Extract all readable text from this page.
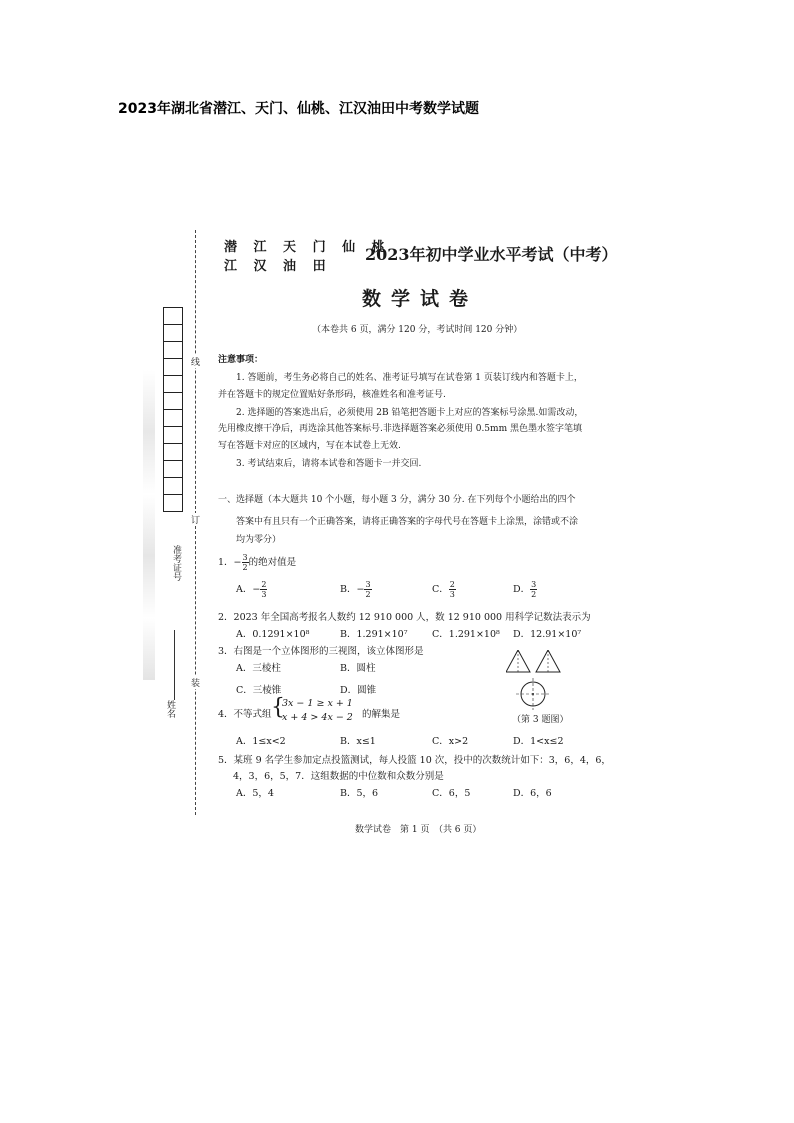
2023年湖北省潜江、天门、仙桃、江汉油田中考数学试题
线
订
装
准考证号
姓名
潜 江 天 门 仙 桃
江 汉 油 田
2023年初中学业水平考试（中考）
数学试卷
（本卷共 6 页，满分 120 分，考试时间 120 分钟）
注意事项：
1. 答题前，考生务必将自己的姓名、准考证号填写在试卷第 1 页装订线内和答题卡上，
并在答题卡的规定位置贴好条形码，核准姓名和准考证号.
2. 选择题的答案选出后，必须使用 2B 铅笔把答题卡上对应的答案标号涂黑.如需改动，
先用橡皮擦干净后，再选涂其他答案标号.非选择题答案必须使用 0.5mm 黑色墨水签字笔填
写在答题卡对应的区域内，写在本试卷上无效.
3. 考试结束后，请将本试卷和答题卡一并交回.
一、选择题（本大题共 10 个小题，每小题 3 分，满分 30 分. 在下列每个小题给出的四个
答案中有且只有一个正确答案，请将正确答案的字母代号在答题卡上涂黑，涂错或不涂
均为零分）
1．− $\frac{3}{2}$ 的绝对值是
A．− $\frac{2}{3}$	B．− $\frac{3}{2}$	C． $\frac{2}{3}$	D． $\frac{3}{2}$
2．2023 年全国高考报名人数约 12 910 000 人，数 12 910 000 用科学记数法表示为
A．0.1291×10⁸	B．1.291×10⁷	C．1.291×10⁸ D．12.91×10⁷
3．右图是一个立体图形的三视图，该立体图形是
A．三棱柱	B．圆柱
C．三棱锥	D．圆锥
（第 3 题图）
4．不等式组 {
3x − 1 ≥ x + 1
x + 4 > 4x − 2 的解集是
A．1≤x<2	B．x≤1	C．x>2	D．1<x≤2
5．某班 9 名学生参加定点投篮测试，每人投篮 10 次，投中的次数统计如下：3，6，4，6，
4，3，6，5，7．这组数据的中位数和众数分别是
A．5，4	B．5，6	C．6，5	D．6，6
数学试卷　第 1 页　（共 6 页）
